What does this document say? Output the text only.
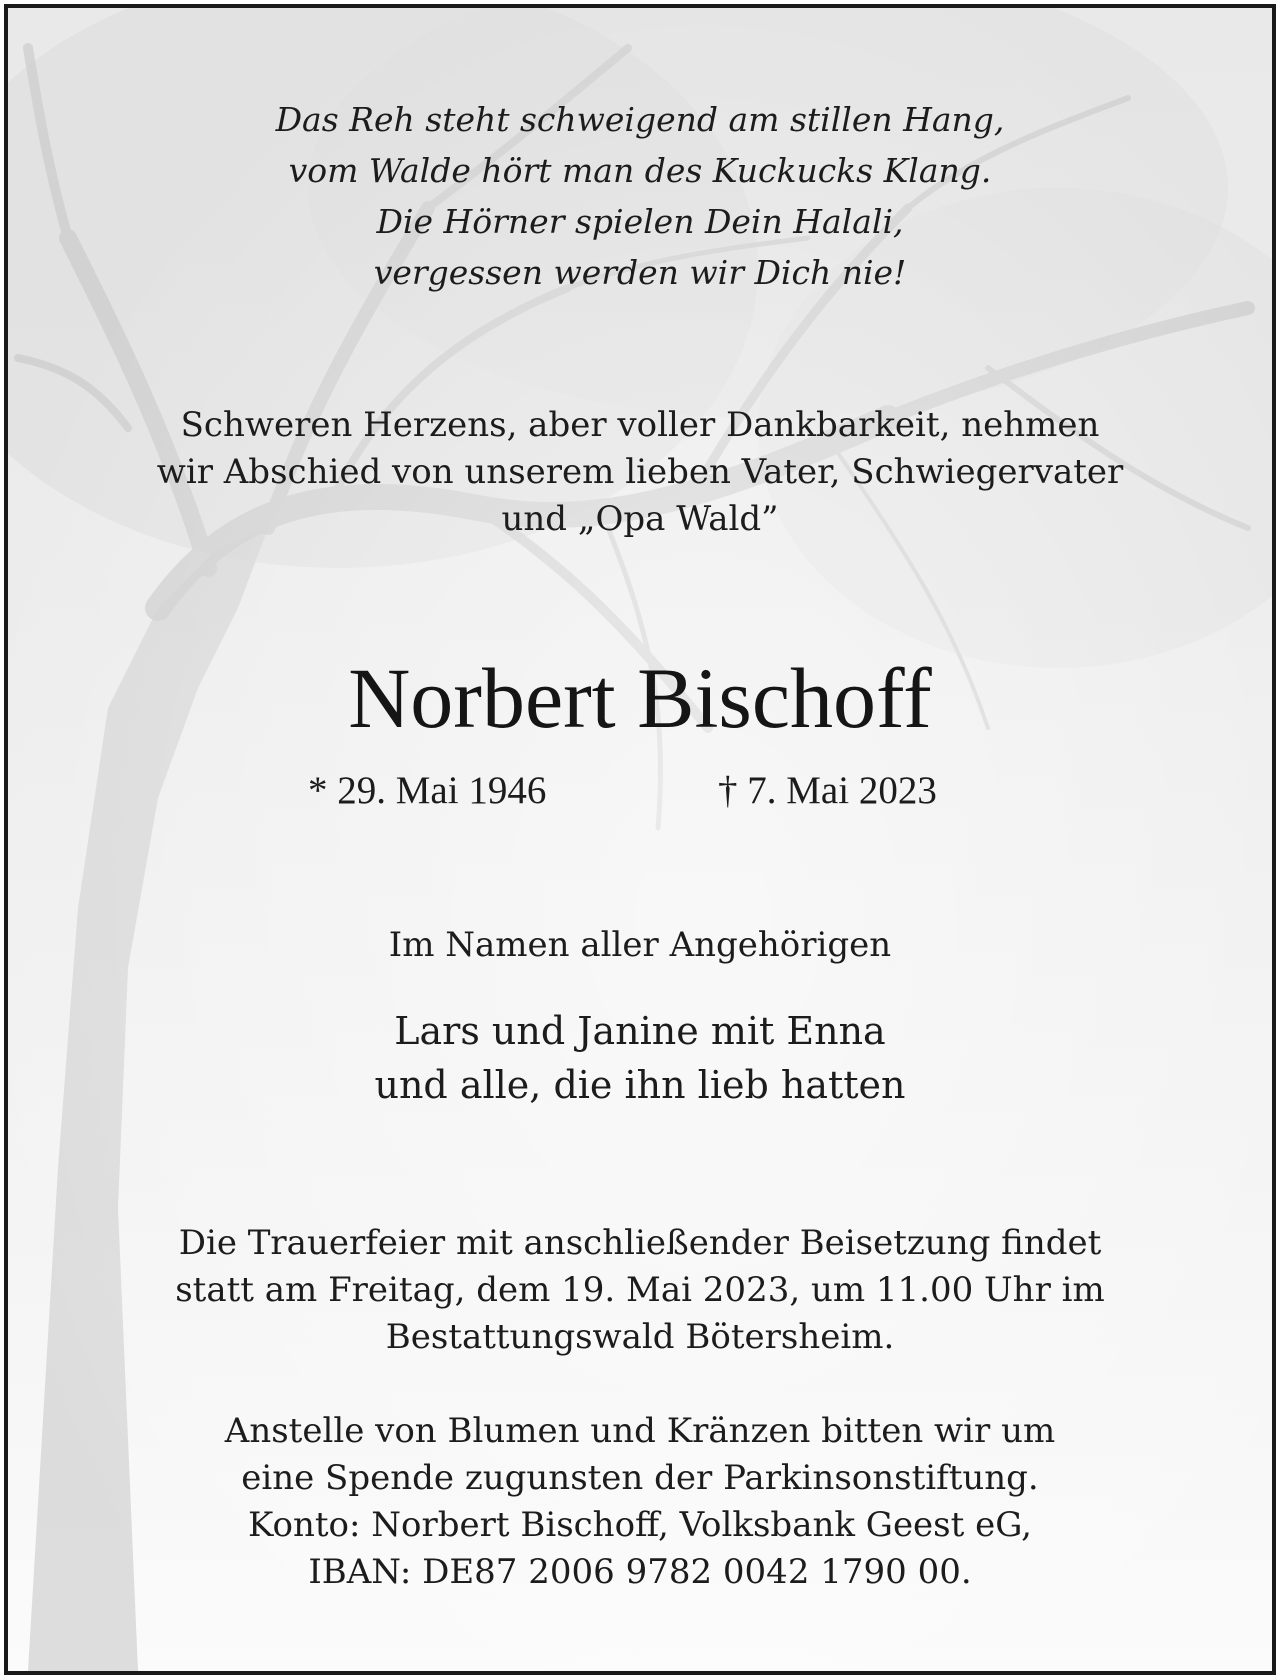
Das Reh steht schweigend am stillen Hang,
vom Walde hört man des Kuckucks Klang.
Die Hörner spielen Dein Halali,
vergessen werden wir Dich nie!
Schweren Herzens, aber voller Dankbarkeit, nehmen
wir Abschied von unserem lieben Vater, Schwiegervater
und „Opa Wald”
Norbert Bischoff
* 29. Mai 1946	† 7. Mai 2023
Im Namen aller Angehörigen
Lars und Janine mit Enna
und alle, die ihn lieb hatten
Die Trauerfeier mit anschließender Beisetzung findet
statt am Freitag, dem 19. Mai 2023, um 11.00 Uhr im
Bestattungswald Bötersheim.
Anstelle von Blumen und Kränzen bitten wir um
eine Spende zugunsten der Parkinsonstiftung.
Konto: Norbert Bischoff, Volksbank Geest eG,
IBAN: DE87 2006 9782 0042 1790 00.
